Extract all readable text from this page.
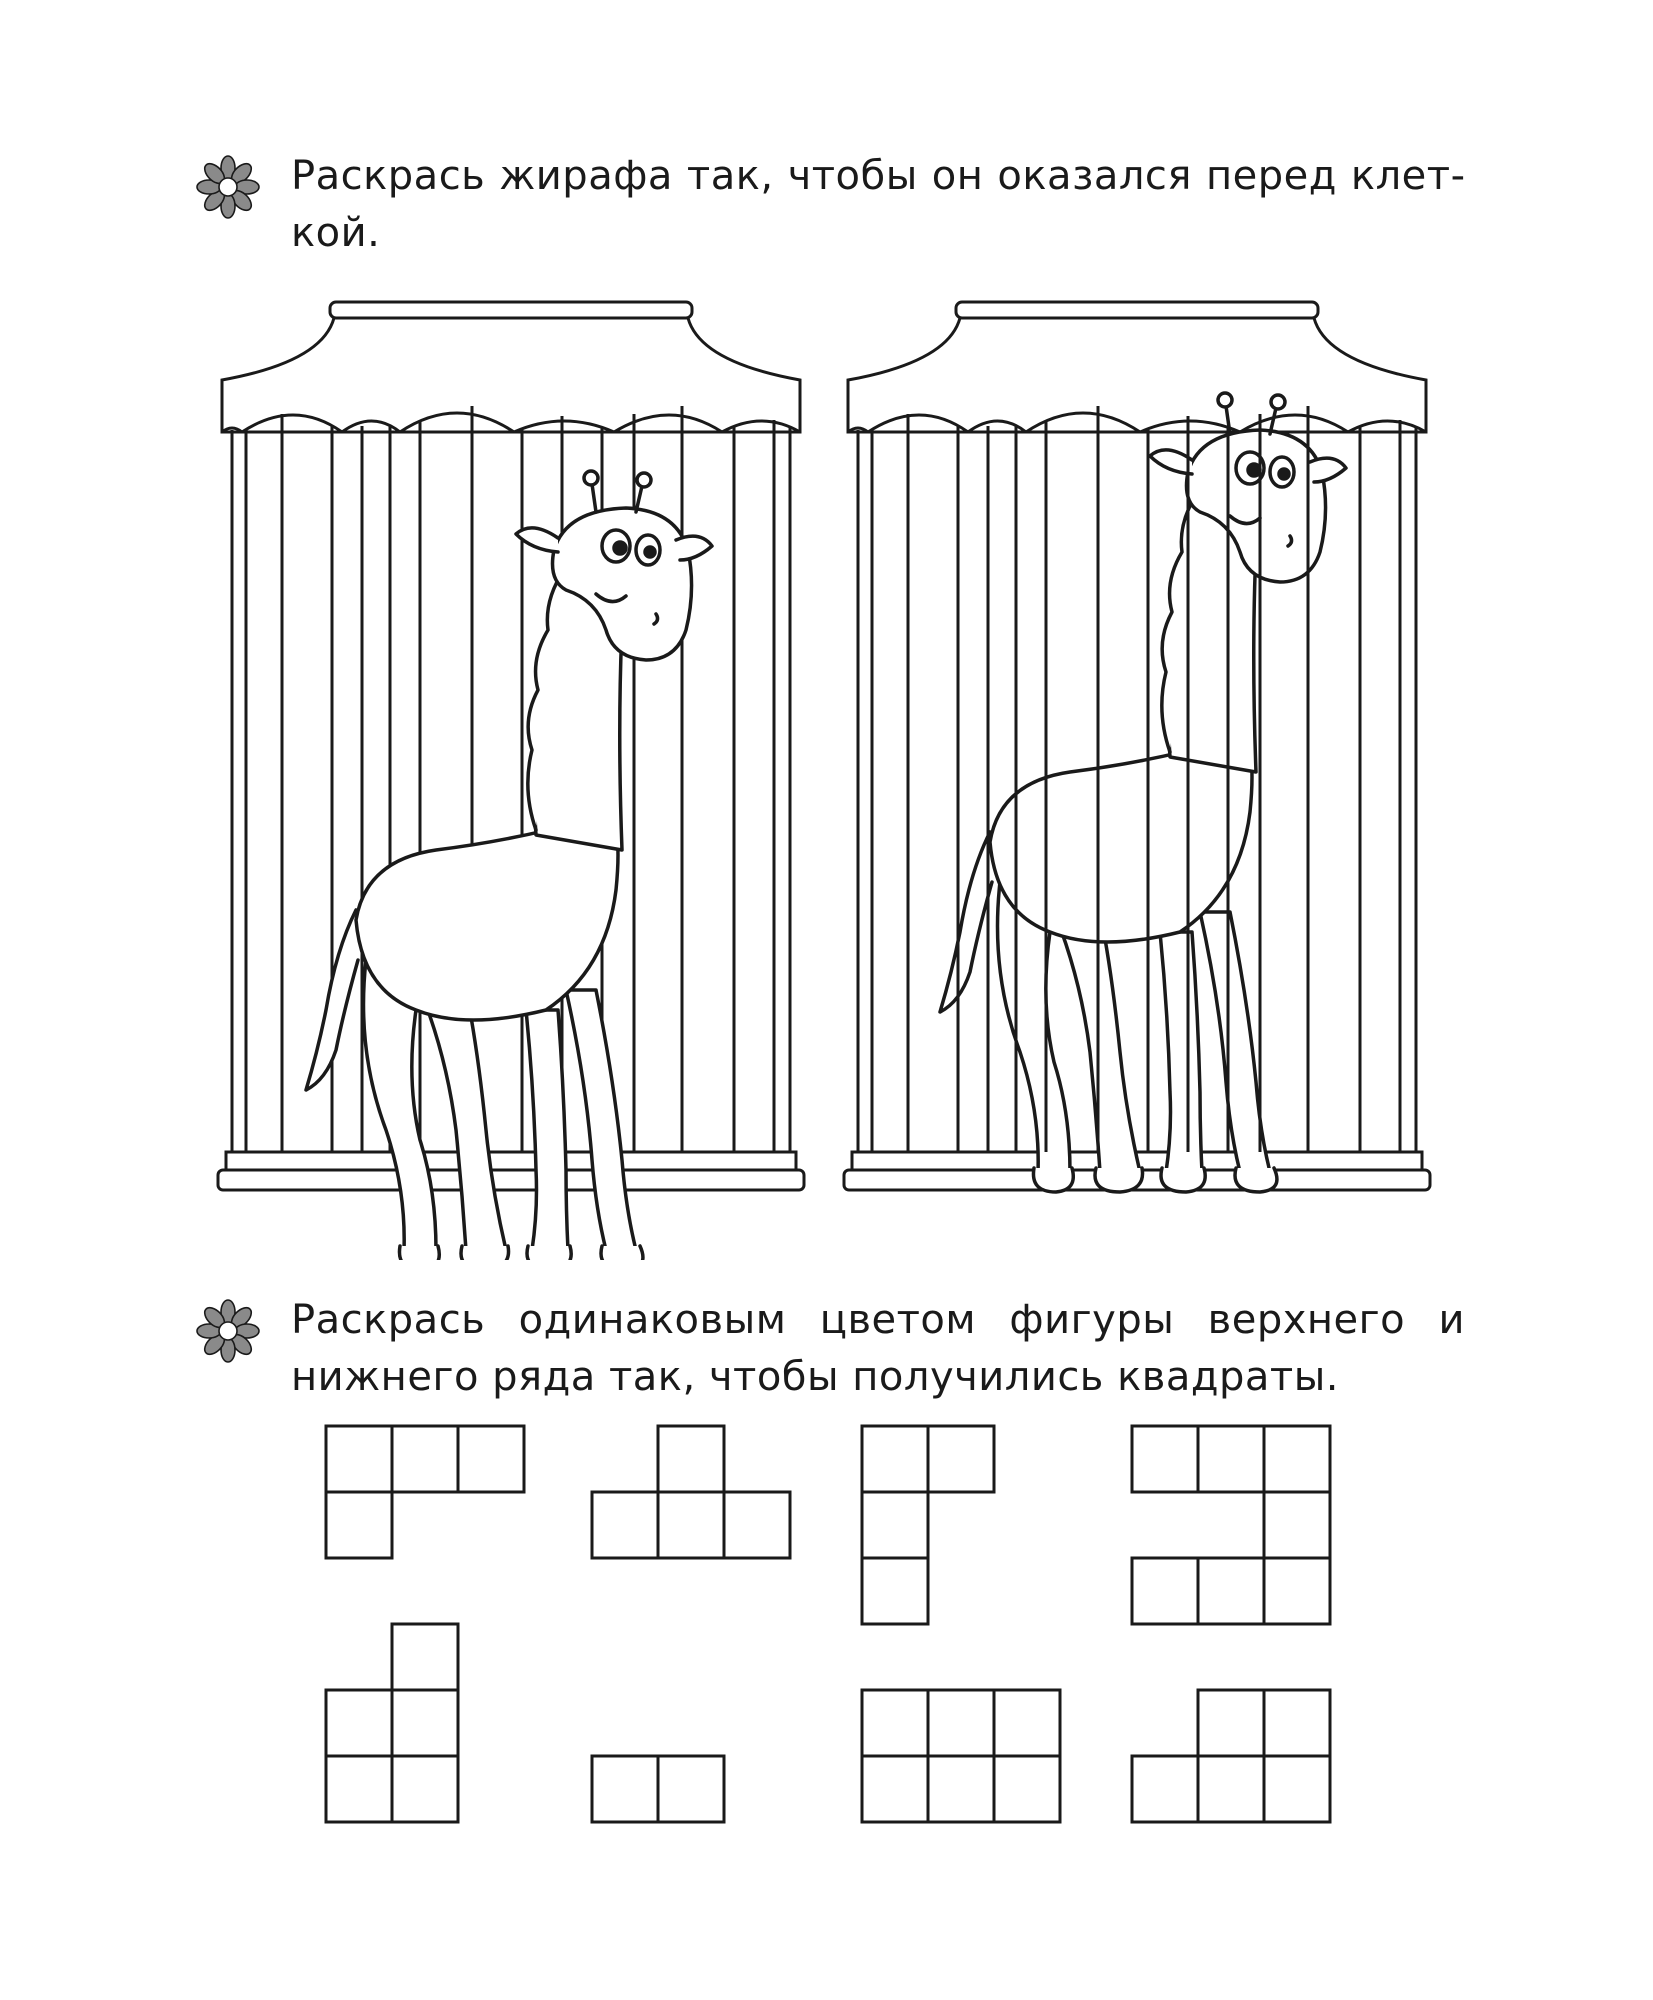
Раскрась жирафа так, чтобы он оказался перед клеткой.
Раскрась одинаковым цветом фигуры верхнего и
нижнего ряда так, чтобы получились квадраты.
